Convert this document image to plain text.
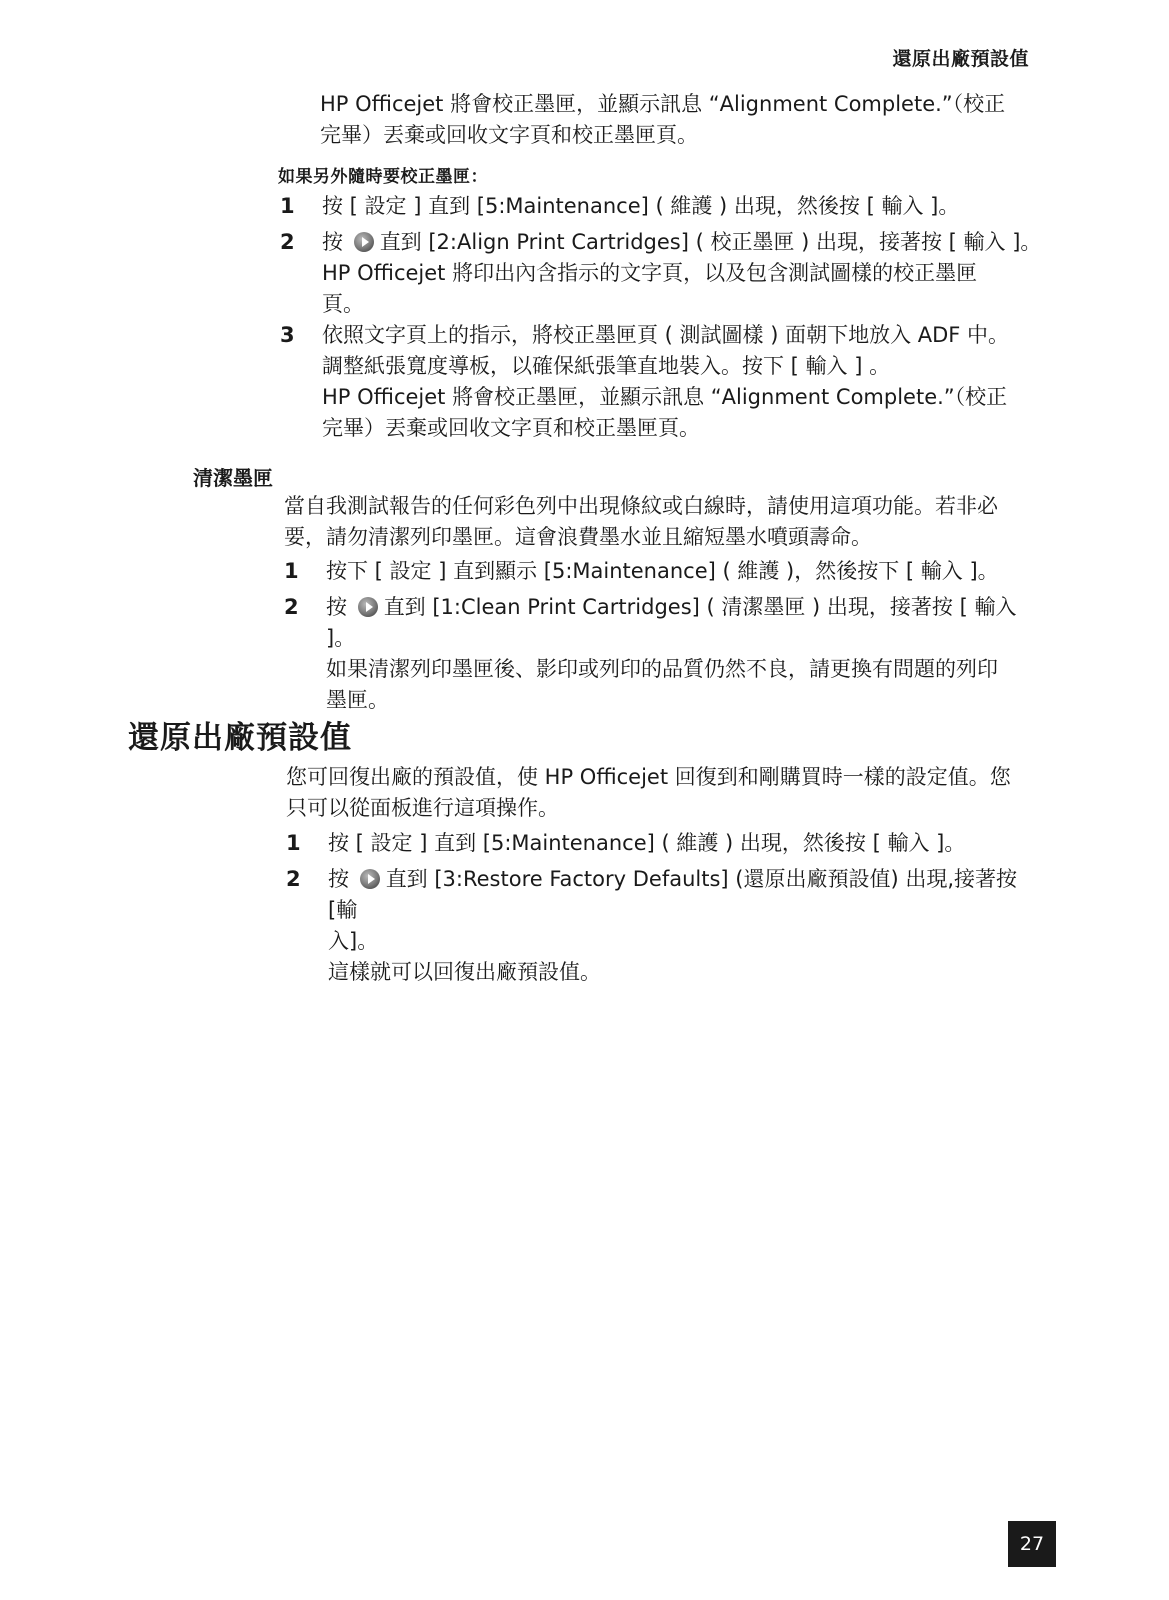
還原出廠預設值

HP Officejet 將會校正墨匣，並顯示訊息 “Alignment Complete.”（校正

完畢）丟棄或回收文字頁和校正墨匣頁。

如果另外隨時要校正墨匣：
1 按 [ 設定 ] 直到 [5:Maintenance] ( 維護 ) 出現，然後按 [ 輸入 ]。

2 按 直到 [2:Align Print Cartridges] ( 校正墨匣 ) 出現，接著按 [ 輸入 ]。

HP Officejet 將印出內含指示的文字頁，以及包含測試圖樣的校正墨匣

頁。

3 依照文字頁上的指示，將校正墨匣頁 ( 測試圖樣 ) 面朝下地放入 ADF 中。

調整紙張寬度導板，以確保紙張筆直地裝入。按下 [ 輸入 ] 。

HP Officejet 將會校正墨匣，並顯示訊息 “Alignment Complete.”（校正

完畢）丟棄或回收文字頁和校正墨匣頁。

清潔墨匣

當自我測試報告的任何彩色列中出現條紋或白線時，請使用這項功能。若非必

要，請勿清潔列印墨匣。這會浪費墨水並且縮短墨水噴頭壽命。

1 按下 [ 設定 ] 直到顯示 [5:Maintenance] ( 維護 )，然後按下 [ 輸入 ]。

2 按 直到 [1:Clean Print Cartridges] ( 清潔墨匣 ) 出現，接著按 [ 輸入 ]。

如果清潔列印墨匣後、影印或列印的品質仍然不良，請更換有問題的列印

墨匣。

還原出廠預設值

您可回復出廠的預設值，使 HP Officejet 回復到和剛購買時一樣的設定值。您

只可以從面板進行這項操作。

1 按 [ 設定 ] 直到 [5:Maintenance] ( 維護 ) 出現，然後按 [ 輸入 ]。

2 按 直到 [3:Restore Factory Defaults] (還原出廠預設值) 出現,接著按 [輸

入]。

這樣就可以回復出廠預設值。

27
